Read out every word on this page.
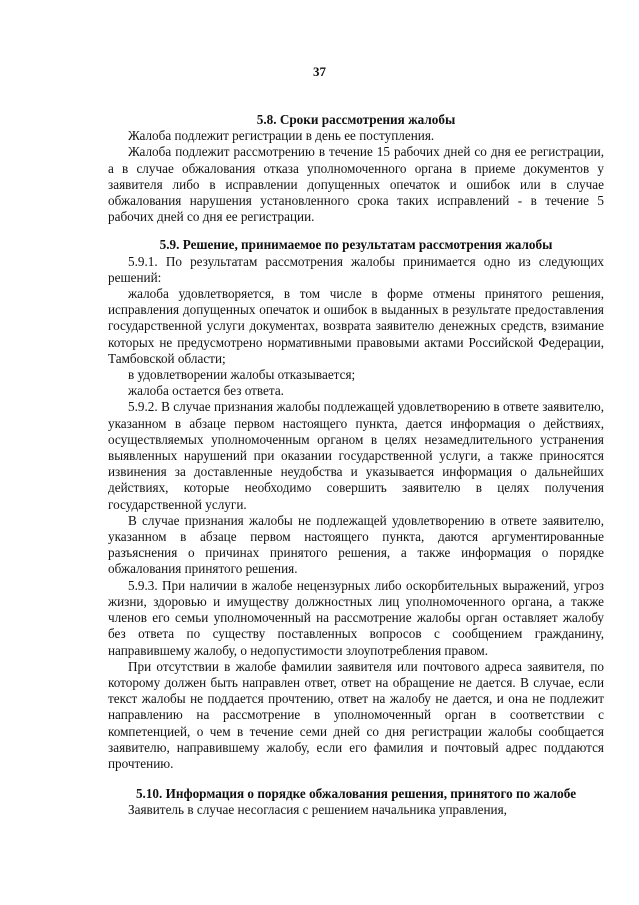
37

5.8. Сроки рассмотрения жалобы

Жалоба подлежит регистрации в день ее поступления.

Жалоба подлежит рассмотрению в течение 15 рабочих дней со дня ее регистрации, а в случае обжалования отказа уполномоченного органа в приеме документов у заявителя либо в исправлении допущенных опечаток и ошибок или в случае обжалования нарушения установленного срока таких исправлений - в течение 5 рабочих дней со дня ее регистрации.

5.9. Решение, принимаемое по результатам рассмотрения жалобы

5.9.1. По результатам рассмотрения жалобы принимается одно из следующих решений:

жалоба удовлетворяется, в том числе в форме отмены принятого решения, исправления допущенных опечаток и ошибок в выданных в результате предоставления государственной услуги документах, возврата заявителю денежных средств, взимание которых не предусмотрено нормативными правовыми актами Российской Федерации, Тамбовской области;

в удовлетворении жалобы отказывается;

жалоба остается без ответа.

5.9.2. В случае признания жалобы подлежащей удовлетворению в ответе заявителю, указанном в абзаце первом настоящего пункта, дается информация о действиях, осуществляемых уполномоченным органом в целях незамедлительного устранения выявленных нарушений при оказании государственной услуги, а также приносятся извинения за доставленные неудобства и указывается информация о дальнейших действиях, которые необходимо совершить заявителю в целях получения государственной услуги.

В случае признания жалобы не подлежащей удовлетворению в ответе заявителю, указанном в абзаце первом настоящего пункта, даются аргументированные разъяснения о причинах принятого решения, а также информация о порядке обжалования принятого решения.

5.9.3. При наличии в жалобе нецензурных либо оскорбительных выражений, угроз жизни, здоровью и имуществу должностных лиц уполномоченного органа, а также членов его семьи уполномоченный на рассмотрение жалобы орган оставляет жалобу без ответа по существу поставленных вопросов с сообщением гражданину, направившему жалобу, о недопустимости злоупотребления правом.

При отсутствии в жалобе фамилии заявителя или почтового адреса заявителя, по которому должен быть направлен ответ, ответ на обращение не дается. В случае, если текст жалобы не поддается прочтению, ответ на жалобу не дается, и она не подлежит направлению на рассмотрение в уполномоченный орган в соответствии с компетенцией, о чем в течение семи дней со дня регистрации жалобы сообщается заявителю, направившему жалобу, если его фамилия и почтовый адрес поддаются прочтению.

5.10. Информация о порядке обжалования решения, принятого по жалобе

Заявитель в случае несогласия с решением начальника управления,
